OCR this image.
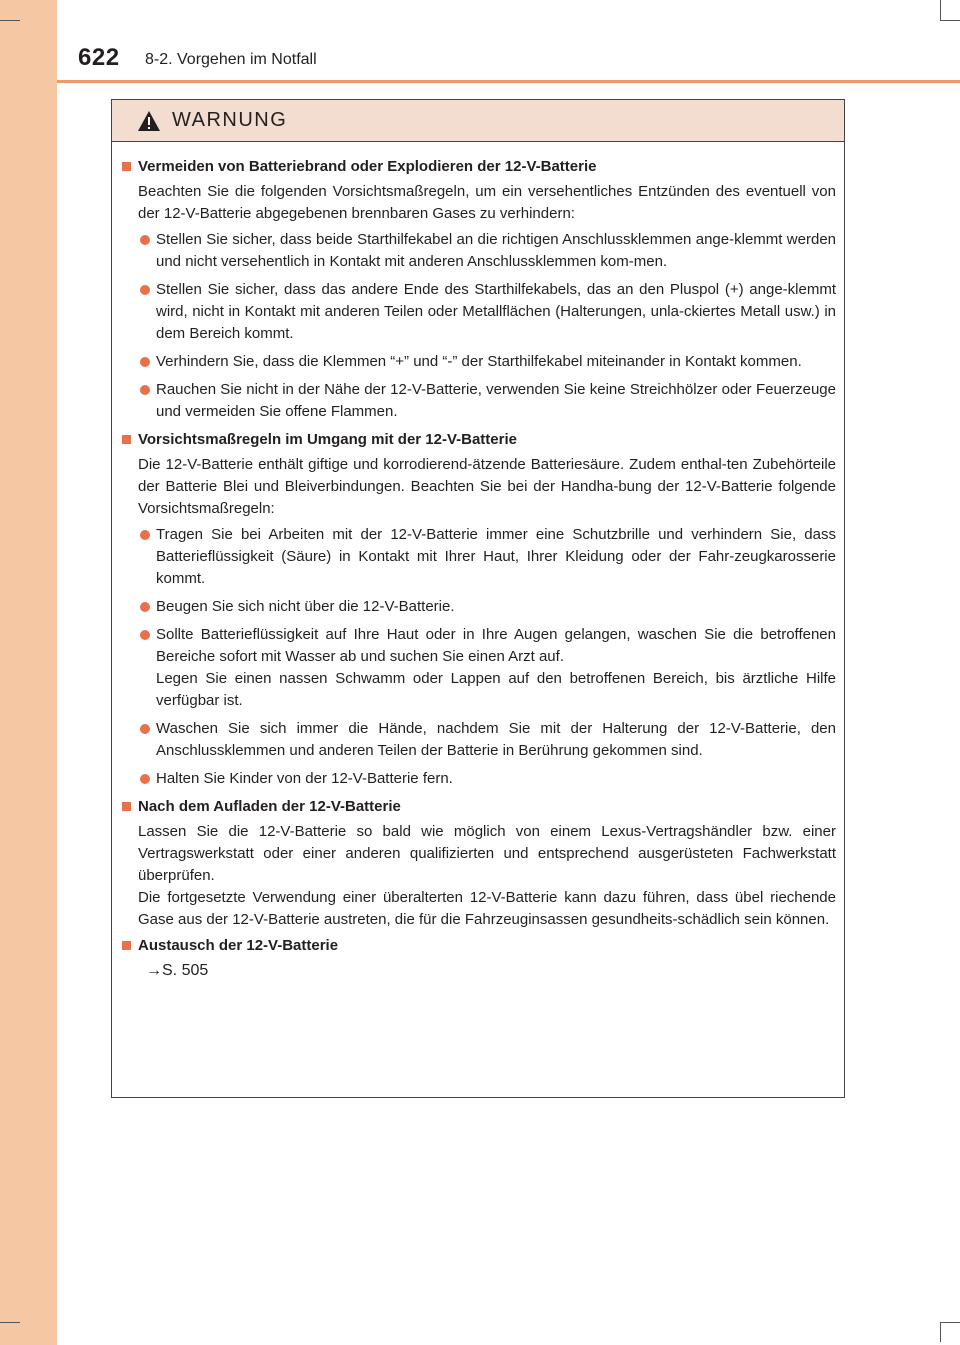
622 8-2. Vorgehen im Notfall
WARNUNG
Vermeiden von Batteriebrand oder Explodieren der 12-V-Batterie
Beachten Sie die folgenden Vorsichtsmaßregeln, um ein versehentliches Entzünden des eventuell von der 12-V-Batterie abgegebenen brennbaren Gases zu verhindern:
Stellen Sie sicher, dass beide Starthilfekabel an die richtigen Anschlussklemmen ange-klemmt werden und nicht versehentlich in Kontakt mit anderen Anschlussklemmen kom-men.
Stellen Sie sicher, dass das andere Ende des Starthilfekabels, das an den Pluspol (+) ange-klemmt wird, nicht in Kontakt mit anderen Teilen oder Metallflächen (Halterungen, unla-ckiertes Metall usw.) in dem Bereich kommt.
Verhindern Sie, dass die Klemmen “+” und “-” der Starthilfekabel miteinander in Kontakt kommen.
Rauchen Sie nicht in der Nähe der 12-V-Batterie, verwenden Sie keine Streichhölzer oder Feuerzeuge und vermeiden Sie offene Flammen.
Vorsichtsmaßregeln im Umgang mit der 12-V-Batterie
Die 12-V-Batterie enthält giftige und korrodierend-ätzende Batteriesäure. Zudem enthal-ten Zubehörteile der Batterie Blei und Bleiverbindungen. Beachten Sie bei der Handha-bung der 12-V-Batterie folgende Vorsichtsmaßregeln:
Tragen Sie bei Arbeiten mit der 12-V-Batterie immer eine Schutzbrille und verhindern Sie, dass Batterieflüssigkeit (Säure) in Kontakt mit Ihrer Haut, Ihrer Kleidung oder der Fahr-zeugkarosserie kommt.
Beugen Sie sich nicht über die 12-V-Batterie.
Sollte Batterieflüssigkeit auf Ihre Haut oder in Ihre Augen gelangen, waschen Sie die betroffenen Bereiche sofort mit Wasser ab und suchen Sie einen Arzt auf.
Legen Sie einen nassen Schwamm oder Lappen auf den betroffenen Bereich, bis ärztliche Hilfe verfügbar ist.
Waschen Sie sich immer die Hände, nachdem Sie mit der Halterung der 12-V-Batterie, den Anschlussklemmen und anderen Teilen der Batterie in Berührung gekommen sind.
Halten Sie Kinder von der 12-V-Batterie fern.
Nach dem Aufladen der 12-V-Batterie
Lassen Sie die 12-V-Batterie so bald wie möglich von einem Lexus-Vertragshändler bzw. einer Vertragswerkstatt oder einer anderen qualifizierten und entsprechend ausgerüsteten Fachwerkstatt überprüfen.
Die fortgesetzte Verwendung einer überalterten 12-V-Batterie kann dazu führen, dass übel riechende Gase aus der 12-V-Batterie austreten, die für die Fahrzeuginsassen gesundheits-schädlich sein können.
Austausch der 12-V-Batterie
→S. 505
